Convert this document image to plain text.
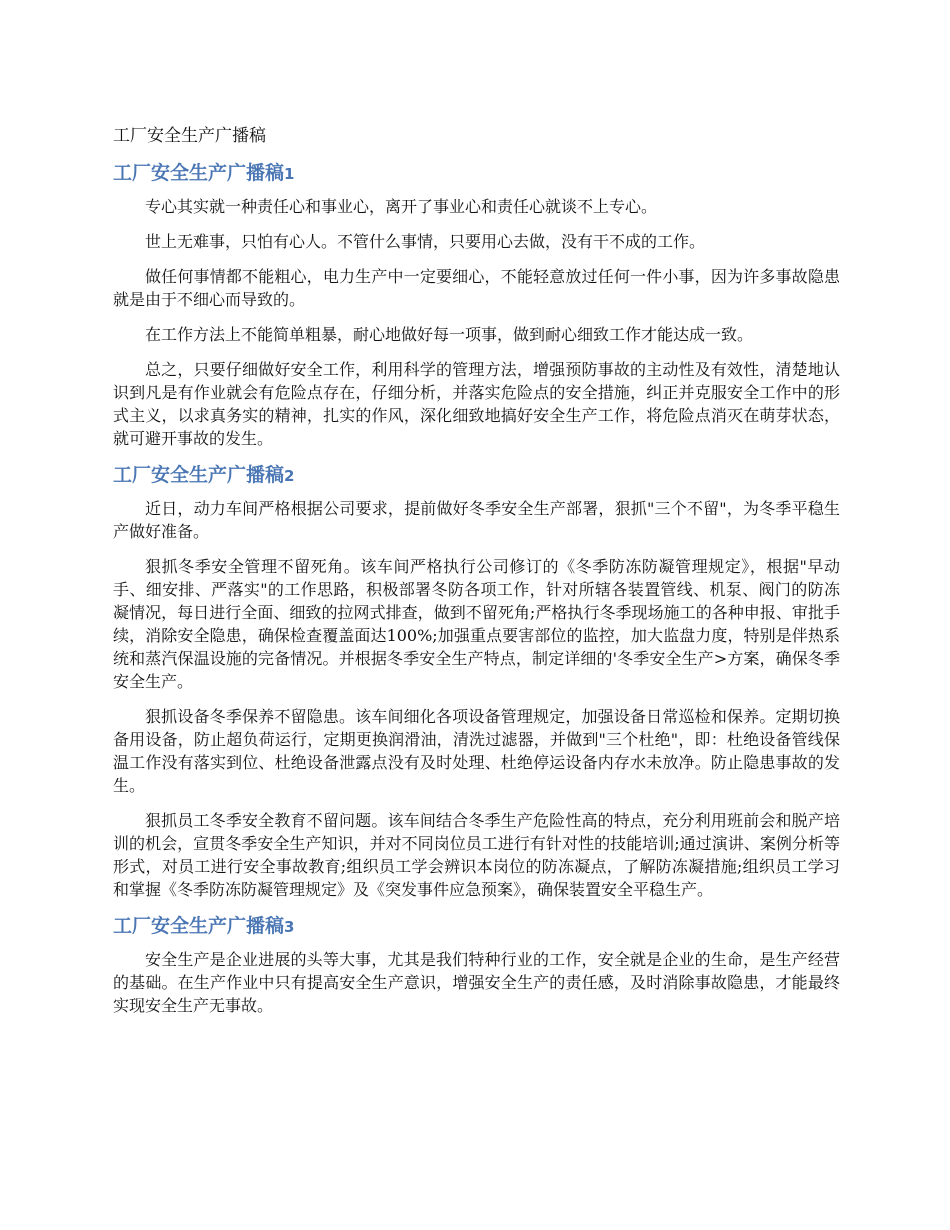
工厂安全生产广播稿
工厂安全生产广播稿1

专心其实就一种责任心和事业心，离开了事业心和责任心就谈不上专心。

世上无难事，只怕有心人。不管什么事情，只要用心去做，没有干不成的工作。

做任何事情都不能粗心，电力生产中一定要细心，不能轻意放过任何一件小事，因为许多事故隐患就是由于不细心而导致的。

在工作方法上不能简单粗暴，耐心地做好每一项事，做到耐心细致工作才能达成一致。

总之，只要仔细做好安全工作，利用科学的管理方法，增强预防事故的主动性及有效性，清楚地认识到凡是有作业就会有危险点存在，仔细分析，并落实危险点的安全措施，纠正并克服安全工作中的形式主义，以求真务实的精神，扎实的作风，深化细致地搞好安全生产工作，将危险点消灭在萌芽状态，就可避开事故的发生。

工厂安全生产广播稿2

近日，动力车间严格根据公司要求，提前做好冬季安全生产部署，狠抓"三个不留"，为冬季平稳生产做好准备。

狠抓冬季安全管理不留死角。该车间严格执行公司修订的《冬季防冻防凝管理规定》，根据"早动手、细安排、严落实"的工作思路，积极部署冬防各项工作，针对所辖各装置管线、机泵、阀门的防冻凝情况，每日进行全面、细致的拉网式排查，做到不留死角;严格执行冬季现场施工的各种申报、审批手续，消除安全隐患，确保检查覆盖面达100%;加强重点要害部位的监控，加大监盘力度，特别是伴热系统和蒸汽保温设施的完备情况。并根据冬季安全生产特点，制定详细的'冬季安全生产>方案，确保冬季安全生产。

狠抓设备冬季保养不留隐患。该车间细化各项设备管理规定，加强设备日常巡检和保养。定期切换备用设备，防止超负荷运行，定期更换润滑油，清洗过滤器，并做到"三个杜绝"，即：杜绝设备管线保温工作没有落实到位、杜绝设备泄露点没有及时处理、杜绝停运设备内存水未放净。防止隐患事故的发生。

狠抓员工冬季安全教育不留问题。该车间结合冬季生产危险性高的特点，充分利用班前会和脱产培训的机会，宣贯冬季安全生产知识，并对不同岗位员工进行有针对性的技能培训;通过演讲、案例分析等形式，对员工进行安全事故教育;组织员工学会辨识本岗位的防冻凝点，了解防冻凝措施;组织员工学习和掌握《冬季防冻防凝管理规定》及《突发事件应急预案》，确保装置安全平稳生产。

工厂安全生产广播稿3

安全生产是企业进展的头等大事，尤其是我们特种行业的工作，安全就是企业的生命，是生产经营的基础。在生产作业中只有提高安全生产意识，增强安全生产的责任感，及时消除事故隐患，才能最终实现安全生产无事故。
